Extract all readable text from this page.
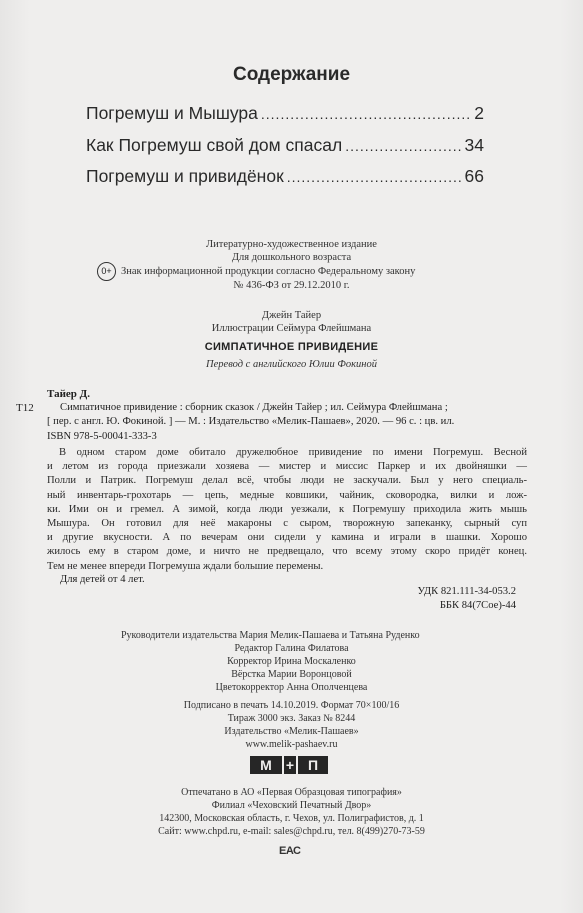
Содержание
Погремуш и Мышура .....	2
Как Погремуш свой дом спасал .....	34
Погремуш и привидёнок .....	66
Литературно-художественное издание
Для дошкольного возраста
0+ Знак информационной продукции согласно Федеральному закону
№ 436-ФЗ от 29.12.2010 г.
Джейн Тайер
Иллюстрации Сеймура Флейшмана
СИМПАТИЧНОЕ ПРИВИДЕНИЕ
Перевод с английского Юлии Фокиной
Тайер Д.
Т12 Симпатичное привидение : сборник сказок / Джейн Тайер ; ил. Сеймура Флейшмана ;
[ пер. с англ. Ю. Фокиной. ] — М. : Издательство «Мелик-Пашаев», 2020. — 96 с. : цв. ил.
ISBN 978-5-00041-333-3
В одном старом доме обитало дружелюбное привидение по имени Погремуш. Весной
и летом из города приезжали хозяева — мистер и миссис Паркер и их двойняшки —
Полли и Патрик. Погремуш делал всё, чтобы люди не заскучали. Был у него специаль-
ный инвентарь-грохотарь — цепь, медные ковшики, чайник, сковородка, вилки и лож-
ки. Ими он и гремел. А зимой, когда люди уезжали, к Погремушу приходила жить мышь
Мышура. Он готовил для неё макароны с сыром, творожную запеканку, сырный суп
и другие вкусности. А по вечерам они сидели у камина и играли в шашки. Хорошо
жилось ему в старом доме, и ничто не предвещало, что всему этому скоро придёт конец.
Тем не менее впереди Погремуша ждали большие перемены.
Для детей от 4 лет.
УДК 821.111-34-053.2
ББК 84(7Сое)-44
Руководители издательства Мария Мелик-Пашаева и Татьяна Руденко
Редактор Галина Филатова
Корректор Ирина Москаленко
Вёрстка Марии Воронцовой
Цветокорректор Анна Ополченцева
Подписано в печать 14.10.2019. Формат 70×100/16
Тираж 3000 экз. Заказ № 8244
Издательство «Мелик-Пашаев»
www.melik-pashaev.ru
М	+ П
Отпечатано в АО «Первая Образцовая типография»
Филиал «Чеховский Печатный Двор»
142300, Московская область, г. Чехов, ул. Полиграфистов, д. 1
Сайт: www.chpd.ru, e-mail: sales@chpd.ru, тел. 8(499)270-73-59
ЕАС
